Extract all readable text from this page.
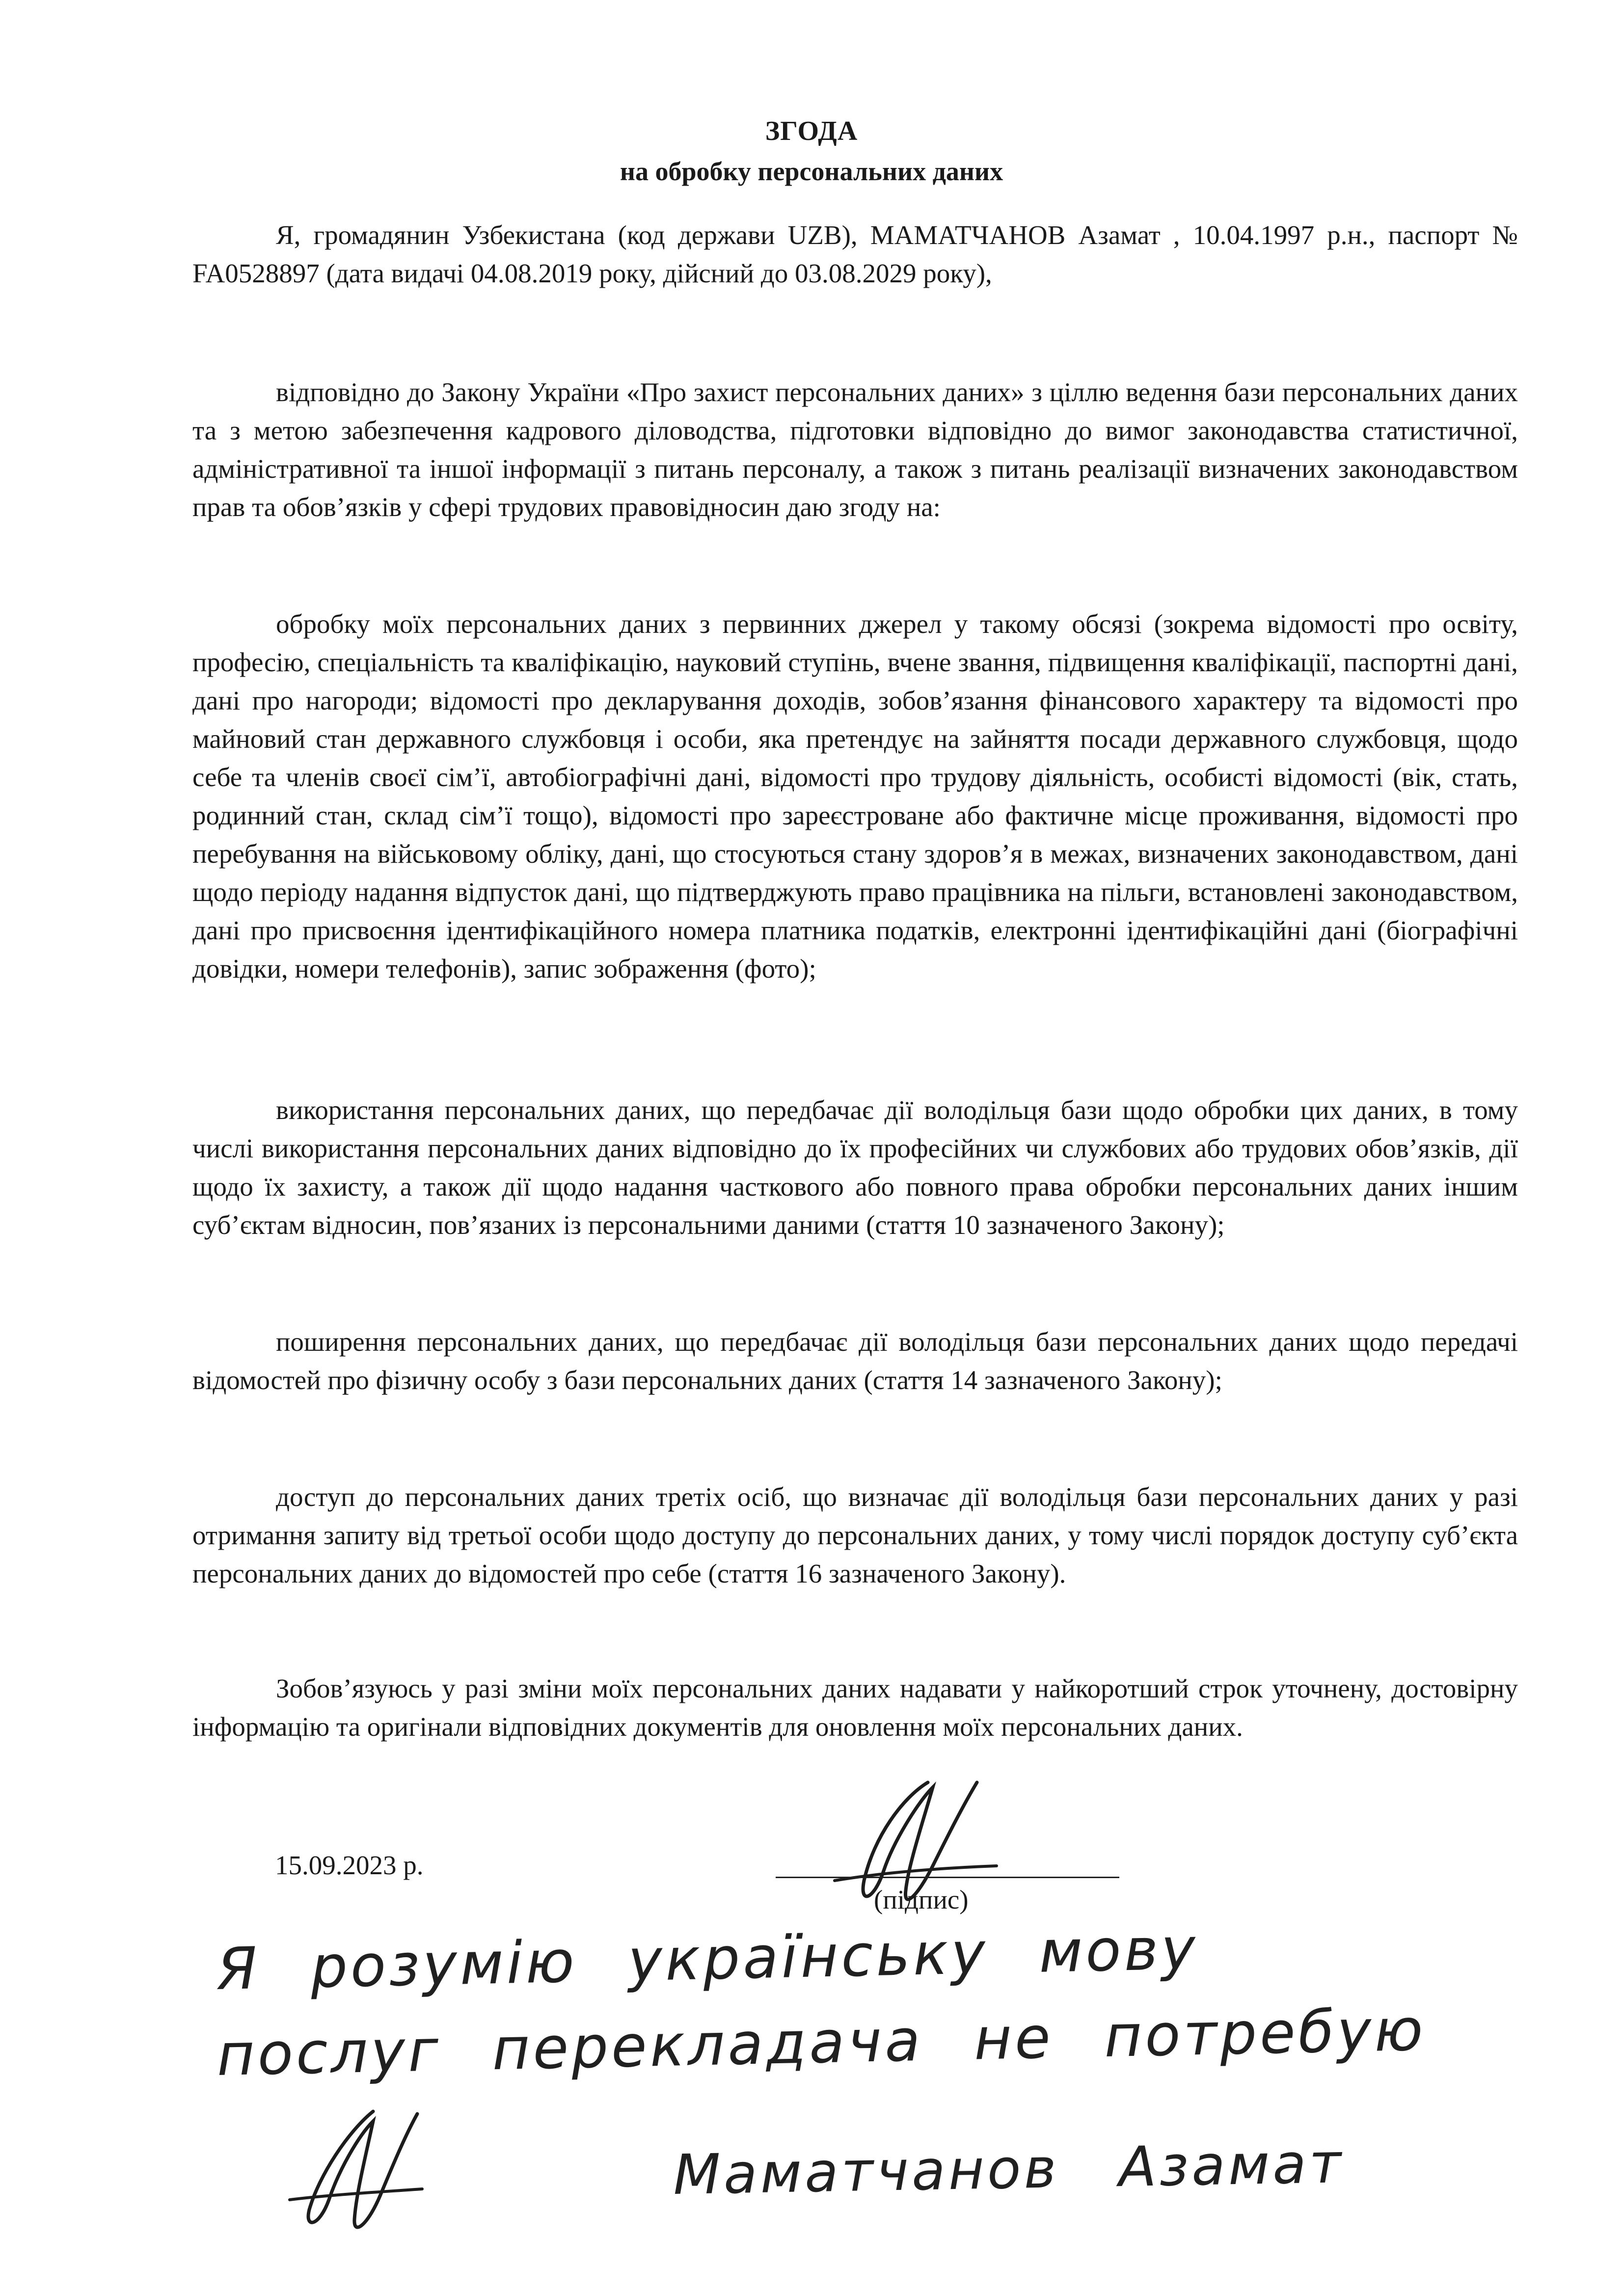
ЗГОДА
на обробку персональних даних

Я, громадянин Узбекистана (код держави UZB), МАМАТЧАНОВ Азамат , 10.04.1997 р.н., паспорт № FA0528897 (дата видачі 04.08.2019 року, дійсний до 03.08.2029 року),

відповідно до Закону України «Про захист персональних даних» з ціллю ведення бази персональних даних та з метою забезпечення кадрового діловодства, підготовки відповідно до вимог законодавства статистичної, адміністративної та іншої інформації з питань персоналу, а також з питань реалізації визначених законодавством прав та обов’язків у сфері трудових правовідносин даю згоду на:

обробку моїх персональних даних з первинних джерел у такому обсязі (зокрема відомості про освіту, професію, спеціальність та кваліфікацію, науковий ступінь, вчене звання, підвищення кваліфікації, паспортні дані, дані про нагороди; відомості про декларування доходів, зобов’язання фінансового характеру та відомості про майновий стан державного службовця і особи, яка претендує на зайняття посади державного службовця, щодо себе та членів своєї сім’ї, автобіографічні дані, відомості про трудову діяльність, особисті відомості (вік, стать, родинний стан, склад сім’ї тощо), відомості про зареєстроване або фактичне місце проживання, відомості про перебування на військовому обліку, дані, що стосуються стану здоров’я в межах, визначених законодавством, дані щодо періоду надання відпусток дані, що підтверджують право працівника на пільги, встановлені законодавством, дані про присвоєння ідентифікаційного номера платника податків, електронні ідентифікаційні дані (біографічні довідки, номери телефонів), запис зображення (фото);

використання персональних даних, що передбачає дії володільця бази щодо обробки цих даних, в тому числі використання персональних даних відповідно до їх професійних чи службових або трудових обов’язків, дії щодо їх захисту, а також дії щодо надання часткового або повного права обробки персональних даних іншим суб’єктам відносин, пов’язаних із персональними даними (стаття 10 зазначеного Закону);

поширення персональних даних, що передбачає дії володільця бази персональних даних щодо передачі відомостей про фізичну особу з бази персональних даних (стаття 14 зазначеного Закону);

доступ до персональних даних третіх осіб, що визначає дії володільця бази персональних даних у разі отримання запиту від третьої особи щодо доступу до персональних даних, у тому числі порядок доступу суб’єкта персональних даних до відомостей про себе (стаття 16 зазначеного Закону).

Зобов’язуюсь у разі зміни моїх персональних даних надавати у найкоротший строк уточнену, достовірну інформацію та оригінали відповідних документів для оновлення моїх персональних даних.

15.09.2023 р.
(підпис)
Я розумію українську мову
послуг перекладача не потребую
Маматчанов Азамат
